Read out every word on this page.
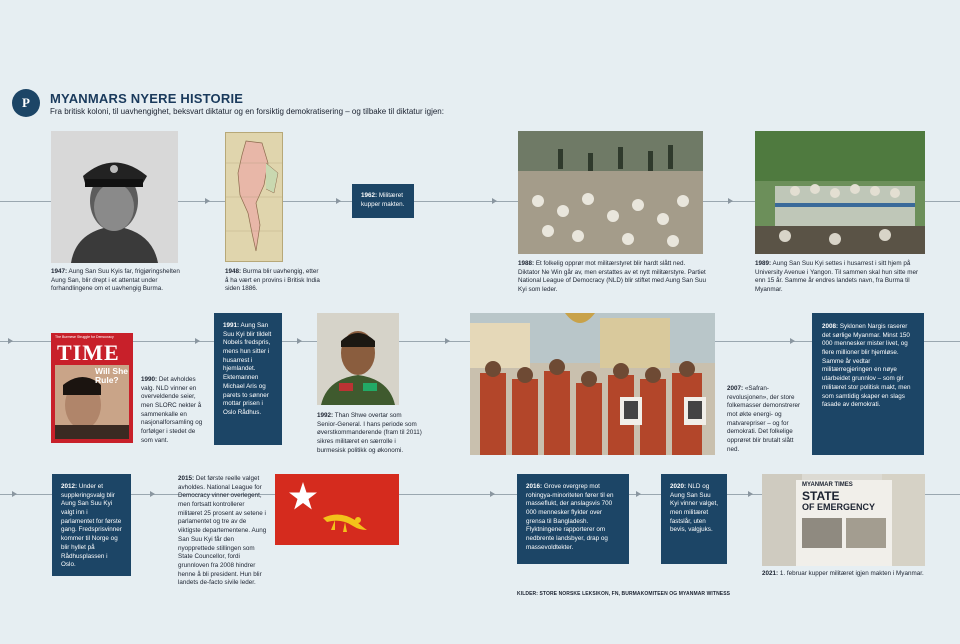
P	MYANMARS NYERE HISTORIE
Fra britisk koloni, til uavhengighet, beksvart diktatur og en forsiktig demokratisering – og tilbake til diktatur igjen:
1947: Aung San Suu Kyis far, frigjøringshelten Aung San, blir drept i et attentat under forhandlingene om et uavhengig Burma.
1948: Burma blir uavhengig, etter å ha vært en provins i Britisk India siden 1886.
1962: Militæret kupper makten.
1988: Et folkelig opprør mot militærstyret blir hardt slått ned. Diktator Ne Win går av, men erstattes av et nytt militærstyre. Partiet National League of Democracy (NLD) blir stiftet med Aung San Suu Kyi som leder.
1989: Aung San Suu Kyi settes i husarrest i sitt hjem på University Avenue i Yangon. Til sammen skal hun sitte mer enn 15 år. Samme år endres landets navn, fra Burma til Myanmar.
The Burmese Struggle for Democracy
TIME
Will She Rule?	1990: Det avholdes valg. NLD vinner en overveldende seier, men SLORC nekter å sammenkalle en nasjonalforsamling og forfølger i stedet de som vant.
1991: Aung San Suu Kyi blir tildelt Nobels fredspris, mens hun sitter i husarrest i hjemlandet. Ektemannen Michael Aris og parets to sønner mottar prisen i Oslo Rådhus.	1992: Than Shwe overtar som Senior-General. I hans periode som øverstkommanderende (fram til 2011) sikres militæret en særrolle i burmesisk politikk og økonomi.
2007: «Safran-revolusjonen», der store folkemasser demonstrerer mot økte energi- og matvarepriser – og for demokrati. Det folkelige opprøret blir brutalt slått ned.
2008: Syklonen Nargis raserer det sørlige Myanmar. Minst 150 000 mennesker mister livet, og flere millioner blir hjemløse. Samme år vedtar militærregjeringen en nøye utarbeidet grunnlov – som gir militæret stor politisk makt, men som samtidig skaper en slags fasade av demokrati.
2012: Under et suppleringsvalg blir Aung San Suu Kyi valgt inn i parlamentet for første gang. Fredsprisvinner kommer til Norge og blir hyllet på Rådhusplassen i Oslo.
2015: Det første reelle valget avholdes. National League for Democracy vinner overlegent, men fortsatt kontrollerer militæret 25 prosent av setene i parlamentet og tre av de viktigste departementene. Aung San Suu Kyi får den nyopprettede stillingen som State Councellor, fordi grunnloven fra 2008 hindrer henne å bli president. Hun blir landets de-facto sivile leder.
2016: Grove overgrep mot rohingya-minoriteten fører til en masseflukt, der anslagsvis 700 000 mennesker flykter over grensa til Bangladesh. Flyktningene rapporterer om nedbrente landsbyer, drap og massevoldtekter.
2020: NLD og Aung San Suu Kyi vinner valget, men militæret fastslår, uten bevis, valgjuks.
MYANMAR TIMES
STATE
OF EMERGENCY
2021: 1. februar kupper militæret igjen makten i Myanmar.
KILDER: STORE NORSKE LEKSIKON, FN, BURMAKOMITEEN OG MYANMAR WITNESS
